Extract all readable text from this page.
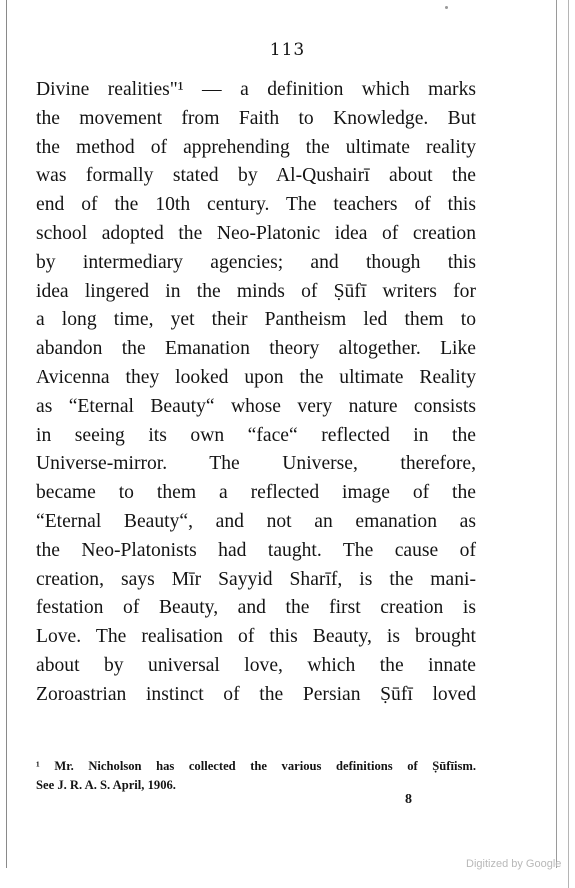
113
Divine realities"¹ — a definition which marks
the movement from Faith to Knowledge. But
the method of apprehending the ultimate reality
was formally stated by Al-Qushairī about the
end of the 10th century. The teachers of this
school adopted the Neo-Platonic idea of creation
by intermediary agencies; and though this
idea lingered in the minds of Ṣūfī writers for
a long time, yet their Pantheism led them to
abandon the Emanation theory altogether. Like
Avicenna they looked upon the ultimate Reality
as “Eternal Beauty“ whose very nature consists
in seeing its own “face“ reflected in the
Universe-mirror. The Universe, therefore,
became to them a reflected image of the
“Eternal Beauty“, and not an emanation as
the Neo-Platonists had taught. The cause of
creation, says Mīr Sayyid Sharīf, is the mani-
festation of Beauty, and the first creation is
Love. The realisation of this Beauty, is brought
about by universal love, which the innate
Zoroastrian instinct of the Persian Ṣūfī loved
¹ Mr. Nicholson has collected the various definitions of Ṣūfīism.
See J. R. A. S. April, 1906.
8
Digitized by Google
